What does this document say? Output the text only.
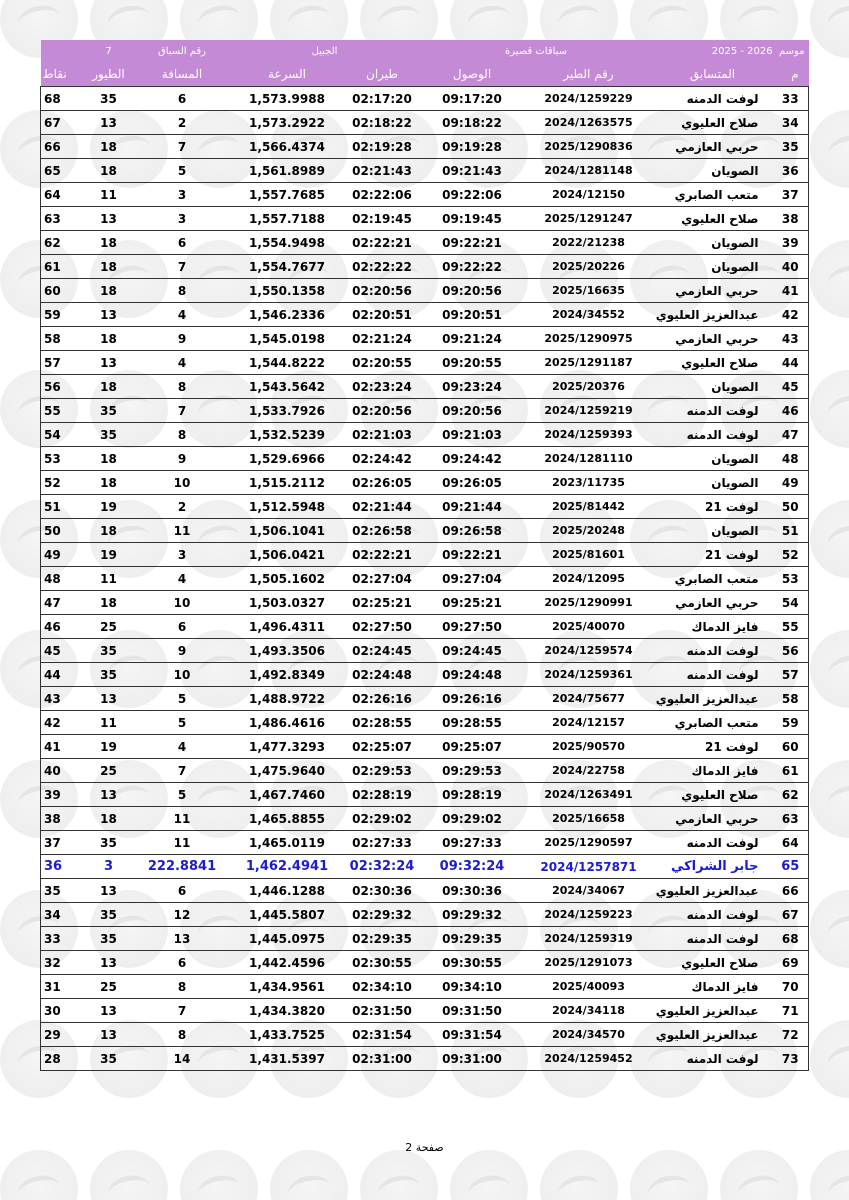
	7	رقم السباق	الجبيل		سباقات قصيرة		موسم  2026 - 2025	
نقاط	الطيور	المسافة	السرعة	طيران	الوصول	رقم الطير	المتسابق	م
68	35	6	1,573.9988	02:17:20	09:17:20	2024/1259229	لوفت الدمنه	33
67	13	2	1,573.2922	02:18:22	09:18:22	2024/1263575	صلاح العليوي	34
66	18	7	1,566.4374	02:19:28	09:19:28	2025/1290836	حربي العازمي	35
65	18	5	1,561.8989	02:21:43	09:21:43	2024/1281148	الصويان	36
64	11	3	1,557.7685	02:22:06	09:22:06	2024/12150	متعب الصابري	37
63	13	3	1,557.7188	02:19:45	09:19:45	2025/1291247	صلاح العليوي	38
62	18	6	1,554.9498	02:22:21	09:22:21	2022/21238	الصويان	39
61	18	7	1,554.7677	02:22:22	09:22:22	2025/20226	الصويان	40
60	18	8	1,550.1358	02:20:56	09:20:56	2025/16635	حربي العازمي	41
59	13	4	1,546.2336	02:20:51	09:20:51	2024/34552	عبدالعزيز العليوي	42
58	18	9	1,545.0198	02:21:24	09:21:24	2025/1290975	حربي العازمي	43
57	13	4	1,544.8222	02:20:55	09:20:55	2025/1291187	صلاح العليوي	44
56	18	8	1,543.5642	02:23:24	09:23:24	2025/20376	الصويان	45
55	35	7	1,533.7926	02:20:56	09:20:56	2024/1259219	لوفت الدمنه	46
54	35	8	1,532.5239	02:21:03	09:21:03	2024/1259393	لوفت الدمنه	47
53	18	9	1,529.6966	02:24:42	09:24:42	2024/1281110	الصويان	48
52	18	10	1,515.2112	02:26:05	09:26:05	2023/11735	الصويان	49
51	19	2	1,512.5948	02:21:44	09:21:44	2025/81442	لوفت 21	50
50	18	11	1,506.1041	02:26:58	09:26:58	2025/20248	الصويان	51
49	19	3	1,506.0421	02:22:21	09:22:21	2025/81601	لوفت 21	52
48	11	4	1,505.1602	02:27:04	09:27:04	2024/12095	متعب الصابري	53
47	18	10	1,503.0327	02:25:21	09:25:21	2025/1290991	حربي العازمي	54
46	25	6	1,496.4311	02:27:50	09:27:50	2025/40070	فايز الدماك	55
45	35	9	1,493.3506	02:24:45	09:24:45	2024/1259574	لوفت الدمنه	56
44	35	10	1,492.8349	02:24:48	09:24:48	2024/1259361	لوفت الدمنه	57
43	13	5	1,488.9722	02:26:16	09:26:16	2024/75677	عبدالعزيز العليوي	58
42	11	5	1,486.4616	02:28:55	09:28:55	2024/12157	متعب الصابري	59
41	19	4	1,477.3293	02:25:07	09:25:07	2025/90570	لوفت 21	60
40	25	7	1,475.9640	02:29:53	09:29:53	2024/22758	فايز الدماك	61
39	13	5	1,467.7460	02:28:19	09:28:19	2024/1263491	صلاح العليوي	62
38	18	11	1,465.8855	02:29:02	09:29:02	2025/16658	حربي العازمي	63
37	35	11	1,465.0119	02:27:33	09:27:33	2025/1290597	لوفت الدمنه	64
36	3	222.8841	1,462.4941	02:32:24	09:32:24	2024/1257871	جابر الشراكي	65
35	13	6	1,446.1288	02:30:36	09:30:36	2024/34067	عبدالعزيز العليوي	66
34	35	12	1,445.5807	02:29:32	09:29:32	2024/1259223	لوفت الدمنه	67
33	35	13	1,445.0975	02:29:35	09:29:35	2024/1259319	لوفت الدمنه	68
32	13	6	1,442.4596	02:30:55	09:30:55	2025/1291073	صلاح العليوي	69
31	25	8	1,434.9561	02:34:10	09:34:10	2025/40093	فايز الدماك	70
30	13	7	1,434.3820	02:31:50	09:31:50	2024/34118	عبدالعزيز العليوي	71
29	13	8	1,433.7525	02:31:54	09:31:54	2024/34570	عبدالعزيز العليوي	72
28	35	14	1,431.5397	02:31:00	09:31:00	2024/1259452	لوفت الدمنه	73
صفحة 2
